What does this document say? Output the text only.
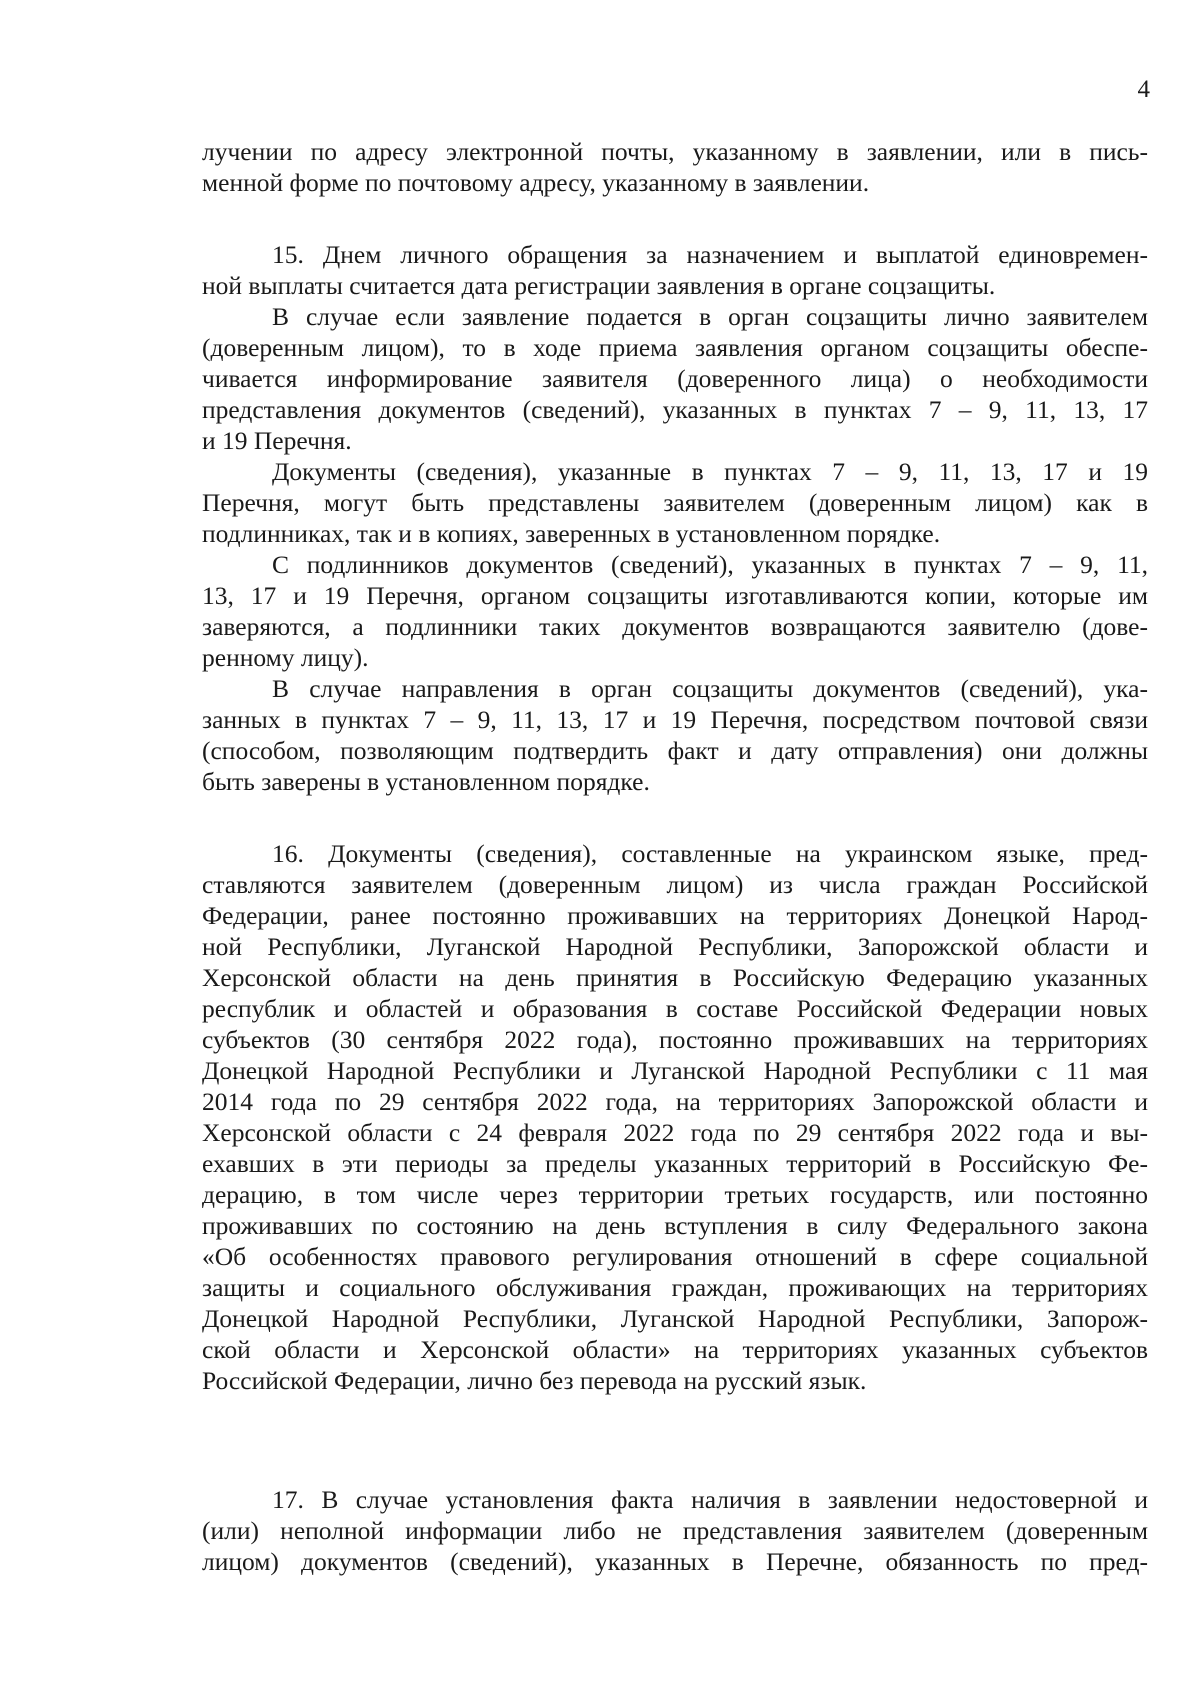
4
лучении по адресу электронной почты, указанному в заявлении, или в пись-
менной форме по почтовому адресу, указанному в заявлении.
15. Днем личного обращения за назначением и выплатой единовремен-
ной выплаты считается дата регистрации заявления в органе соцзащиты.
В случае если заявление подается в орган соцзащиты лично заявителем
(доверенным лицом), то в ходе приема заявления органом соцзащиты обеспе-
чивается информирование заявителя (доверенного лица) о необходимости
представления документов (сведений), указанных в пунктах 7 – 9, 11, 13, 17
и 19 Перечня.
Документы (сведения), указанные в пунктах 7 – 9, 11, 13, 17 и 19
Перечня, могут быть представлены заявителем (доверенным лицом) как в
подлинниках, так и в копиях, заверенных в установленном порядке.
С подлинников документов (сведений), указанных в пунктах 7 – 9, 11,
13, 17 и 19 Перечня, органом соцзащиты изготавливаются копии, которые им
заверяются, а подлинники таких документов возвращаются заявителю (дове-
ренному лицу).
В случае направления в орган соцзащиты документов (сведений), ука-
занных в пунктах 7 – 9, 11, 13, 17 и 19 Перечня, посредством почтовой связи
(способом, позволяющим подтвердить факт и дату отправления) они должны
быть заверены в установленном порядке.
16. Документы (сведения), составленные на украинском языке, пред-
ставляются заявителем (доверенным лицом) из числа граждан Российской
Федерации, ранее постоянно проживавших на территориях Донецкой Народ-
ной Республики, Луганской Народной Республики, Запорожской области и
Херсонской области на день принятия в Российскую Федерацию указанных
республик и областей и образования в составе Российской Федерации новых
субъектов (30 сентября 2022 года), постоянно проживавших на территориях
Донецкой Народной Республики и Луганской Народной Республики с 11 мая
2014 года по 29 сентября 2022 года, на территориях Запорожской области и
Херсонской области с 24 февраля 2022 года по 29 сентября 2022 года и вы-
ехавших в эти периоды за пределы указанных территорий в Российскую Фе-
дерацию, в том числе через территории третьих государств, или постоянно
проживавших по состоянию на день вступления в силу Федерального закона
«Об особенностях правового регулирования отношений в сфере социальной
защиты и социального обслуживания граждан, проживающих на территориях
Донецкой Народной Республики, Луганской Народной Республики, Запорож-
ской области и Херсонской области» на территориях указанных субъектов
Российской Федерации, лично без перевода на русский язык.
17. В случае установления факта наличия в заявлении недостоверной и
(или) неполной информации либо не представления заявителем (доверенным
лицом) документов (сведений), указанных в Перечне, обязанность по пред-
